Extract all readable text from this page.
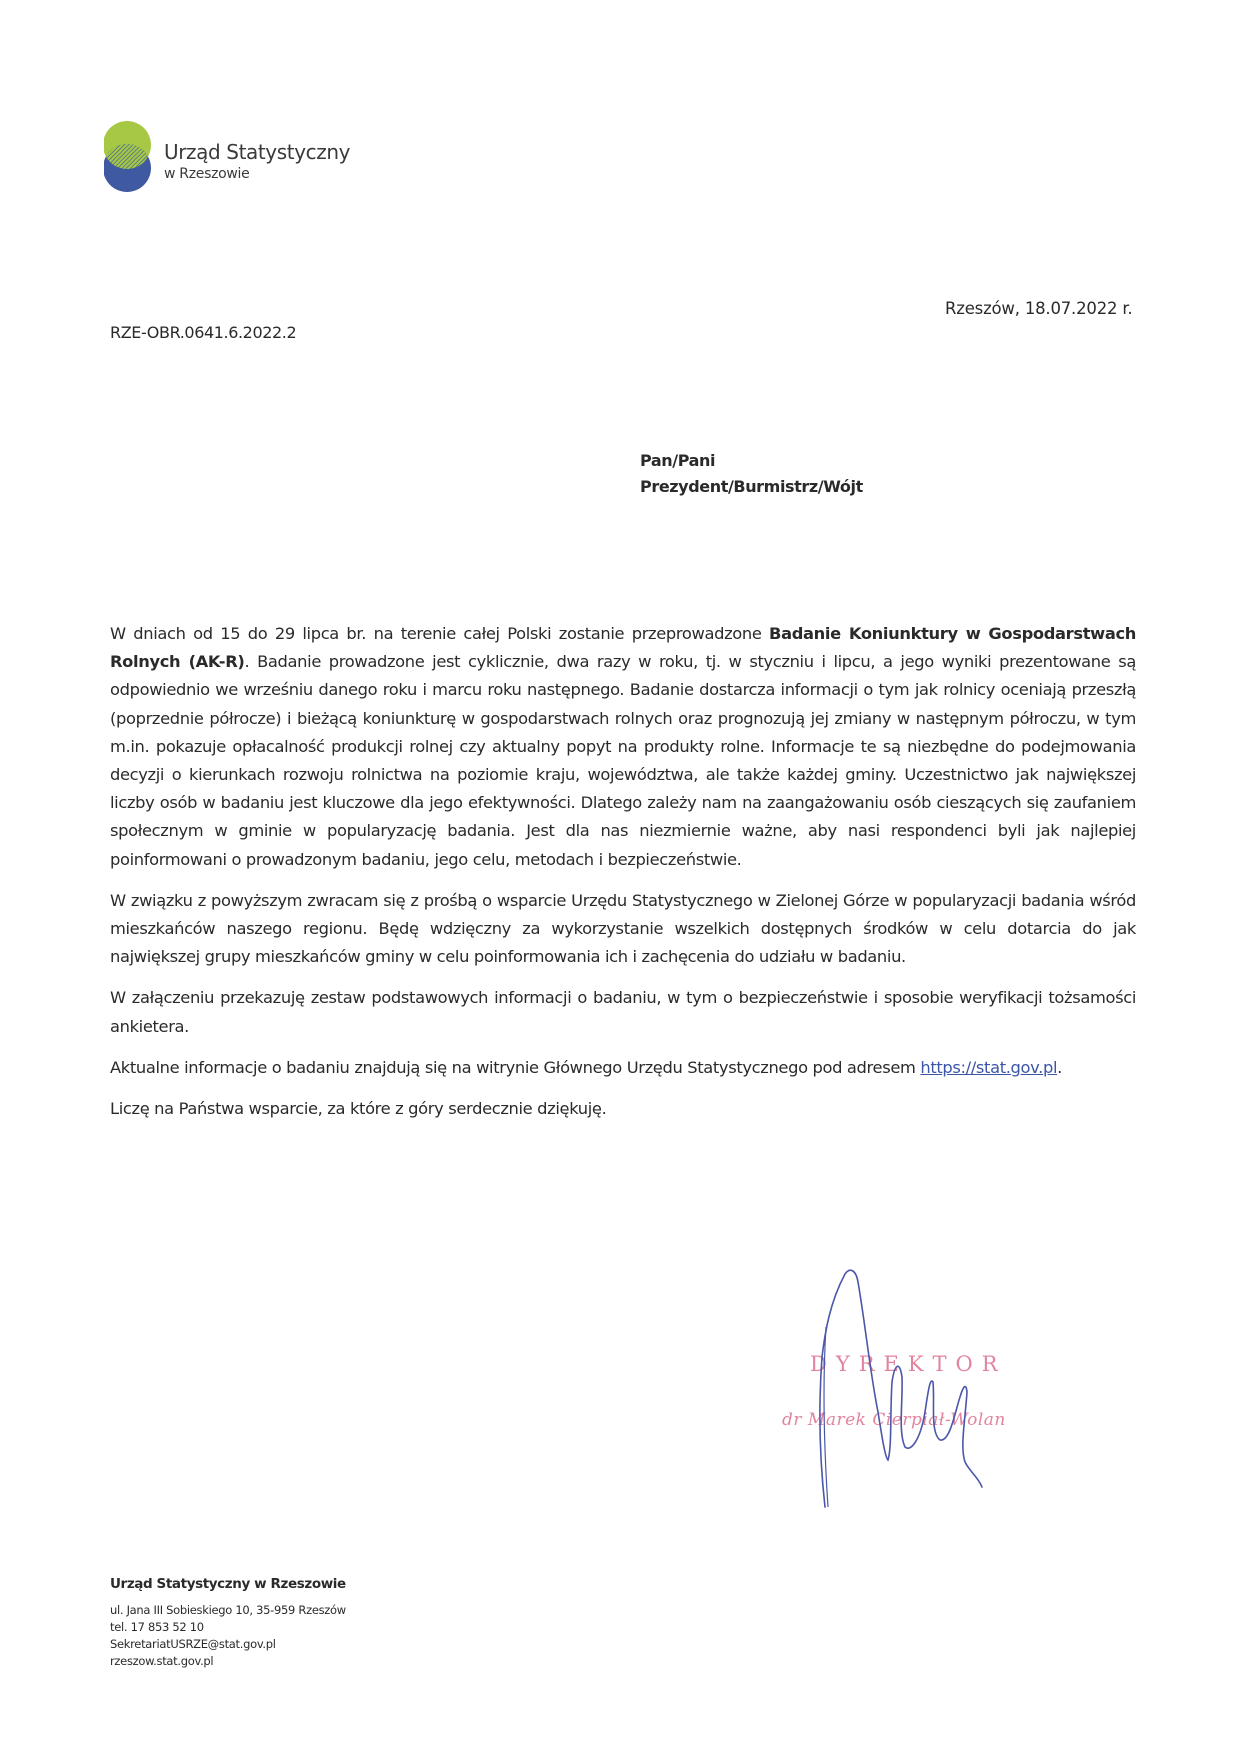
Urząd Statystyczny
w Rzeszowie
Rzeszów, 18.07.2022 r.
RZE-OBR.0641.6.2022.2
Pan/Pani
Prezydent/Burmistrz/Wójt

W dniach od 15 do 29 lipca br. na terenie całej Polski zostanie przeprowadzone Badanie Koniunktury w Gospodarstwach Rolnych (AK-R). Badanie prowadzone jest cyklicznie, dwa razy w roku, tj. w styczniu i lipcu, a jego wyniki prezentowane są odpowiednio we wrześniu danego roku i marcu roku następnego. Badanie dostarcza informacji o tym jak rolnicy oceniają przeszłą (poprzednie półrocze) i bieżącą koniunkturę w gospodarstwach rolnych oraz prognozują jej zmiany w następnym półroczu, w tym m.in. pokazuje opłacalność produkcji rolnej czy aktualny popyt na produkty rolne. Informacje te są niezbędne do podejmowania decyzji o kierunkach rozwoju rolnictwa na poziomie kraju, województwa, ale także każdej gminy. Uczestnictwo jak największej liczby osób w badaniu jest kluczowe dla jego efektywności. Dlatego zależy nam na zaangażowaniu osób cieszących się zaufaniem społecznym w gminie w popularyzację badania. Jest dla nas niezmiernie ważne, aby nasi respondenci byli jak najlepiej poinformowani o prowadzonym badaniu, jego celu, metodach i bezpieczeństwie.

W związku z powyższym zwracam się z prośbą o wsparcie Urzędu Statystycznego w Zielonej Górze w popularyzacji badania wśród mieszkańców naszego regionu. Będę wdzięczny za wykorzystanie wszelkich dostępnych środków w celu dotarcia do jak największej grupy mieszkańców gminy w celu poinformowania ich i zachęcenia do udziału w badaniu.

W załączeniu przekazuję zestaw podstawowych informacji o badaniu, w tym o bezpieczeństwie i sposobie weryfikacji tożsamości ankietera.

Aktualne informacje o badaniu znajdują się na witrynie Głównego Urzędu Statystycznego pod adresem https://stat.gov.pl.

Liczę na Państwa wsparcie, za które z góry serdecznie dziękuję.

DYREKTOR
dr Marek Cierpiał-Wolan
Urząd Statystyczny w Rzeszowie
ul. Jana III Sobieskiego 10, 35-959 Rzeszów
tel. 17 853 52 10
SekretariatUSRZE@stat.gov.pl
rzeszow.stat.gov.pl
